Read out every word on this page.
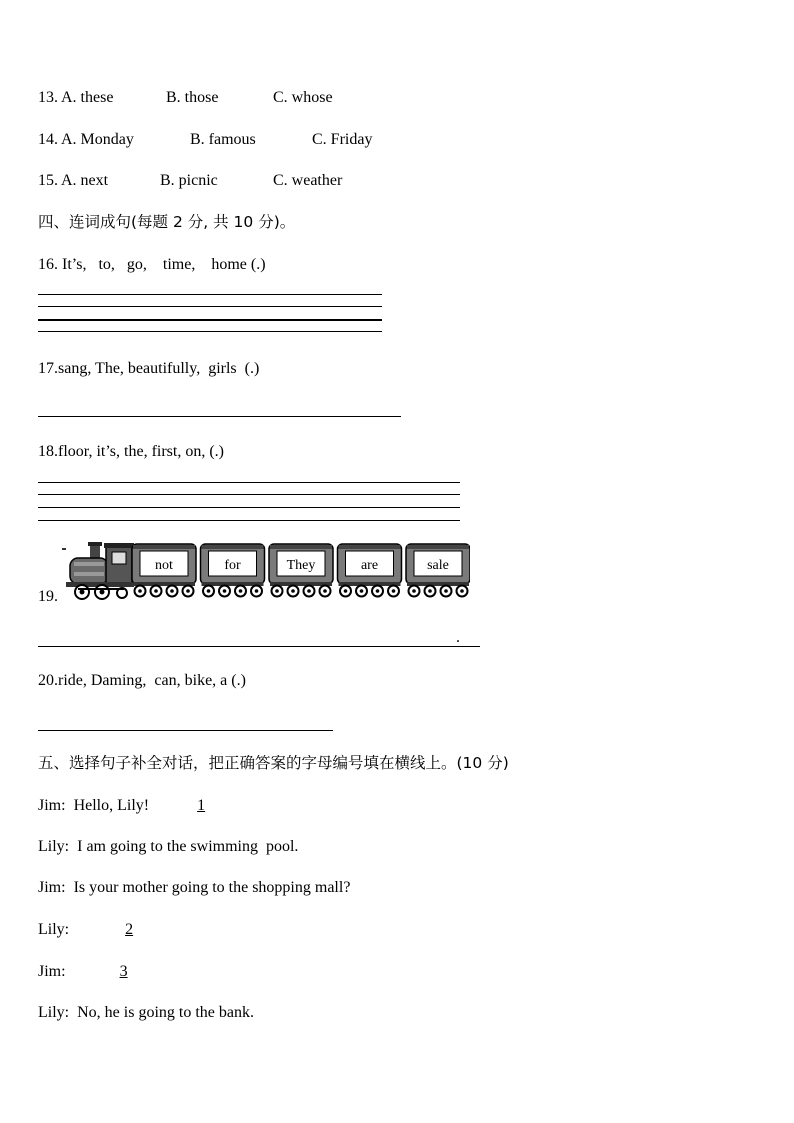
13. A. these	B. those	C. whose
14. A. Monday	B. famous	C. Friday
15. A. next	B. picnic	C. weather
四、连词成句(每题 2 分, 共 10 分)。
16. It’s,   to,   go,    time,    home (.)
17.sang, The, beautifully,  girls  (.)
18.floor, it’s, the, first, on, (.)
19.
not	for	They	are	sale
.
20.ride, Daming,  can, bike, a (.)
五、选择句子补全对话，把正确答案的字母编号填在横线上。(10 分)
Jim:  Hello, Lily!	1
Lily:  I am going to the swimming  pool.
Jim:  Is your mother going to the shopping mall?
Lily:	2
Jim:	3
Lily:  No, he is going to the bank.
